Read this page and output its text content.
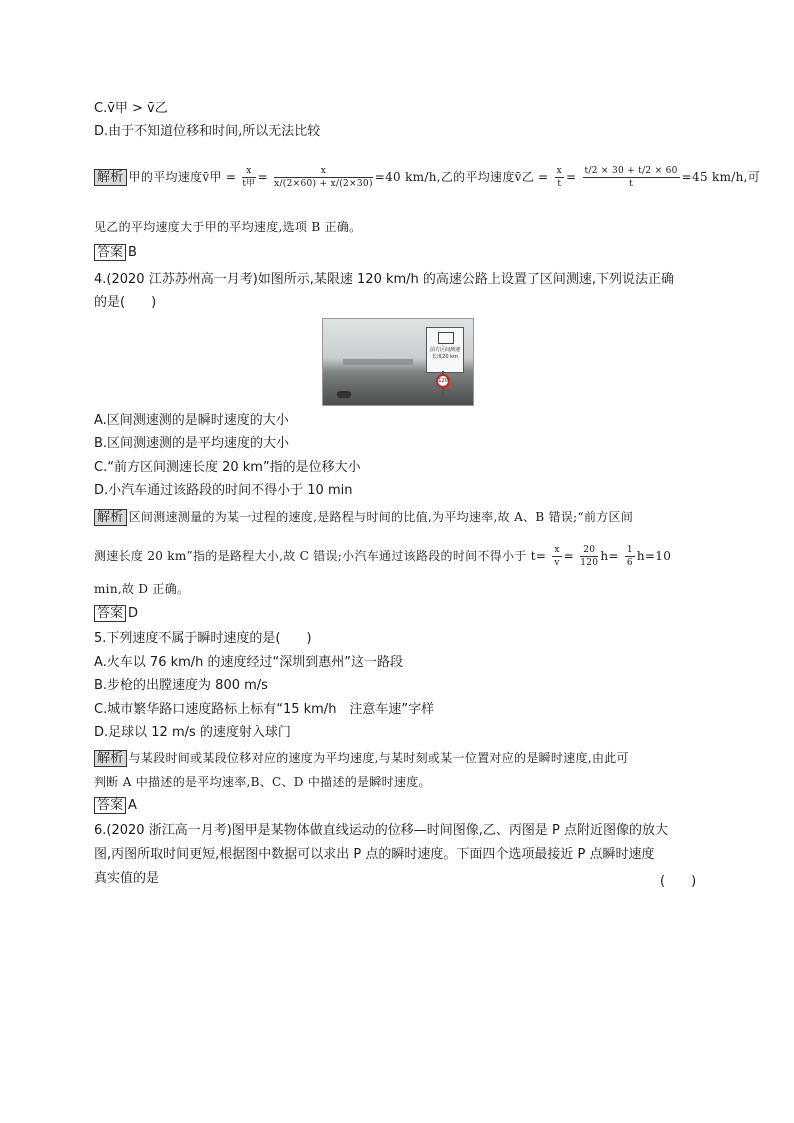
C.v̄甲 > v̄乙
D.由于不知道位移和时间,所以无法比较
解析 甲的平均速度v̄甲 = $\frac{x}{\text{t甲}} = \frac{x}{x/(2\times 60) + x/(2\times 30)} =40$ km/h,乙的平均速度v̄乙 = $\frac{x}{t} = \frac{t/2 \times 30 + t/2 \times 60}{t} =45$ km/h,可
见乙的平均速度大于甲的平均速度,选项 B 正确。
答案 B
4.(2020 江苏苏州高一月考)如图所示,某限速 120 km/h 的高速公路上设置了区间测速,下列说法正确
的是(　　)
前方区间测速 长度20 km
120
A.区间测速测的是瞬时速度的大小
B.区间测速测的是平均速度的大小
C.“前方区间测速长度 20 km”指的是位移大小
D.小汽车通过该路段的时间不得小于 10 min
解析 区间测速测量的为某一过程的速度,是路程与时间的比值,为平均速率,故 A、B 错误;“前方区间
测速长度 20 km”指的是路程大小,故 C 错误;小汽车通过该路段的时间不得小于 $t= \frac{x}{v} = \frac{20}{120} h= \frac{1}{6} h=10$
min,故 D 正确。
答案 D
5.下列速度不属于瞬时速度的是(　　)
A.火车以 76 km/h 的速度经过“深圳到惠州”这一路段
B.步枪的出膛速度为 800 m/s
C.城市繁华路口速度路标上标有“15 km/h　注意车速”字样
D.足球以 12 m/s 的速度射入球门
解析 与某段时间或某段位移对应的速度为平均速度,与某时刻或某一位置对应的是瞬时速度,由此可
判断 A 中描述的是平均速率,B、C、D 中描述的是瞬时速度。
答案 A
6.(2020 浙江高一月考)图甲是某物体做直线运动的位移—时间图像,乙、丙图是 P 点附近图像的放大
图,丙图所取时间更短,根据图中数据可以求出 P 点的瞬时速度。下面四个选项最接近 P 点瞬时速度
真实值的是	(　　)
